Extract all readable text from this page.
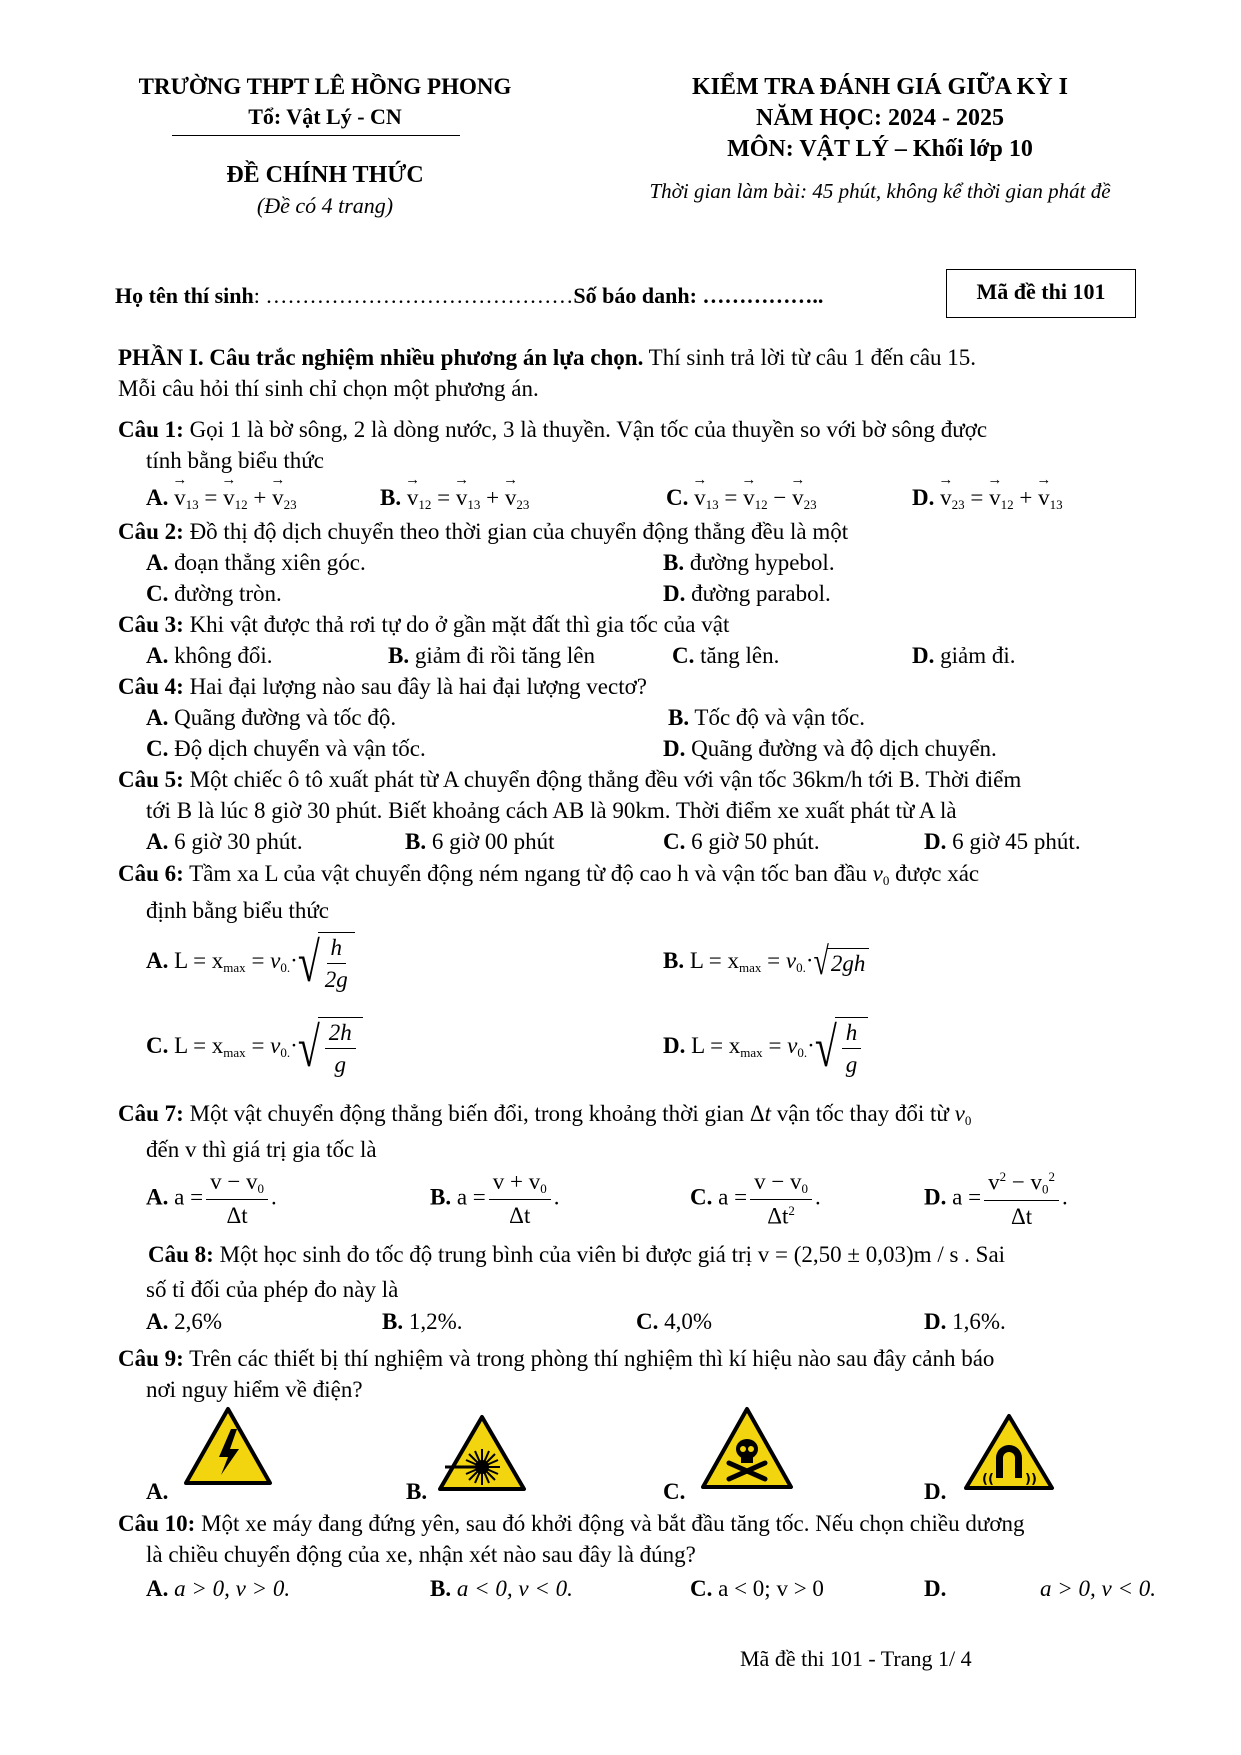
TRƯỜNG THPT LÊ HỒNG PHONG
Tổ: Vật Lý - CN
ĐỀ CHÍNH THỨC
(Đề có 4 trang)
KIỂM TRA ĐÁNH GIÁ GIỮA KỲ I
NĂM HỌC: 2024 - 2025
MÔN: VẬT LÝ – Khối lớp 10
Thời gian làm bài: 45 phút, không kể thời gian phát đề
Họ tên thí sinh: ……………………………………Số báo danh: ……………..	Mã đề thi 101
PHẦN I. Câu trắc nghiệm nhiều phương án lựa chọn. Thí sinh trả lời từ câu 1 đến câu 15.
Mỗi câu hỏi thí sinh chỉ chọn một phương án.
Câu 1: Gọi 1 là bờ sông, 2 là dòng nước, 3 là thuyền. Vận tốc của thuyền so với bờ sông được
tính bằng biểu thức
A. → $v_{13}$ = → $v_{12}$ + → $v_{23}$	B. → $v_{12}$ = → $v_{13}$ + → $v_{23}$	C. → $v_{13}$ = → $v_{12}$ − → $v_{23}$	D. → $v_{23}$ = → $v_{12}$ + → $v_{13}$
Câu 2: Đồ thị độ dịch chuyển theo thời gian của chuyển động thẳng đều là một
A. đoạn thẳng xiên góc.	B. đường hypebol.
C. đường tròn.	D. đường parabol.
Câu 3: Khi vật được thả rơi tự do ở gần mặt đất thì gia tốc của vật
A. không đổi.	B. giảm đi rồi tăng lên	C. tăng lên.	D. giảm đi.
Câu 4: Hai đại lượng nào sau đây là hai đại lượng vectơ?
A. Quãng đường và tốc độ.	B. Tốc độ và vận tốc.
C. Độ dịch chuyển và vận tốc.	D. Quãng đường và độ dịch chuyển.
Câu 5: Một chiếc ô tô xuất phát từ A chuyển động thẳng đều với vận tốc 36km/h tới B. Thời điểm
tới B là lúc 8 giờ 30 phút. Biết khoảng cách AB là 90km. Thời điểm xe xuất phát từ A là
A. 6 giờ 30 phút.	B. 6 giờ 00 phút	C. 6 giờ 50 phút.	D. 6 giờ 45 phút.
Câu 6: Tầm xa L của vật chuyển động ném ngang từ độ cao h và vận tốc ban đầu $v_0$ được xác
định bằng biểu thức
A. $L = x_{max} = v_{0.}\cdot$ √ $\frac{h}{2g}$	B. $L = x_{max} = v_{0.}\cdot$ √ 2gh
C. $L = x_{max} = v_{0.}\cdot$ √ $\frac{2h}{g}$	D. $L = x_{max} = v_{0.}\cdot$ √ $\frac{h}{g}$
Câu 7: Một vật chuyển động thẳng biến đổi, trong khoảng thời gian Δt vận tốc thay đổi từ $v_0$
đến v thì giá trị gia tốc là
A. $a = \frac{v - v_0}{\Delta t}$ .	B. $a = \frac{v + v_0}{\Delta t}$ .	C. $a = \frac{v - v_0}{\Delta t^2}$ .	D. $a = \frac{v^2 - v_0^2}{\Delta t}$ .
Câu 8: Một học sinh đo tốc độ trung bình của viên bi được giá trị v = (2,50 ± 0,03)m / s . Sai
số tỉ đối của phép đo này là
A. 2,6%	B. 1,2%.	C. 4,0%	D. 1,6%.
Câu 9: Trên các thiết bị thí nghiệm và trong phòng thí nghiệm thì kí hiệu nào sau đây cảnh báo
nơi nguy hiểm về điện?
A.	B.	C.	D.	(( ))
Câu 10: Một xe máy đang đứng yên, sau đó khởi động và bắt đầu tăng tốc. Nếu chọn chiều dương
là chiều chuyển động của xe, nhận xét nào sau đây là đúng?
A. a > 0, v > 0.	B. a < 0, v < 0.	C. a < 0; v > 0	D.	a > 0, v < 0.
Mã đề thi 101 - Trang 1/ 4
